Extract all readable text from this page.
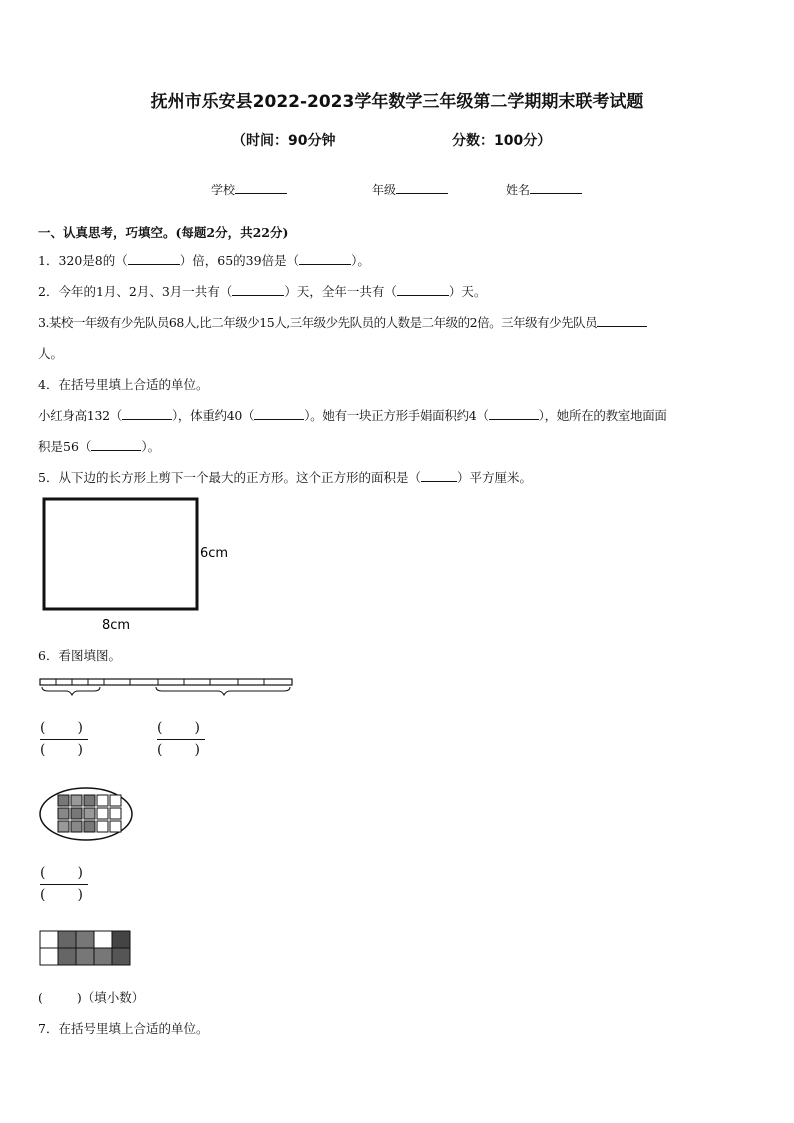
抚州市乐安县2022-2023学年数学三年级第二学期期末联考试题
（时间：90分钟	分数：100分）
学校	年级	姓名
一、认真思考，巧填空。(每题2分，共22分)
1．320是8的（	）倍，65的39倍是（	）。
2．今年的1月、2月、3月一共有（	）天，全年一共有（	）天。
3.某校一年级有少先队员68人,比二年级少15人,三年级少先队员的人数是二年级的2倍。三年级有少先队员
人。
4．在括号里填上合适的单位。
小红身高132（	），体重约40（	）。她有一块正方形手娟面积约4（	），她所在的教室地面面
积是56（	）。
5．从下边的长方形上剪下一个最大的正方形。这个正方形的面积是（	）平方厘米。
6cm
8cm
6．看图填图。
( )
( )
( )
( )
( )
( )
(	)（填小数）
7．在括号里填上合适的单位。
